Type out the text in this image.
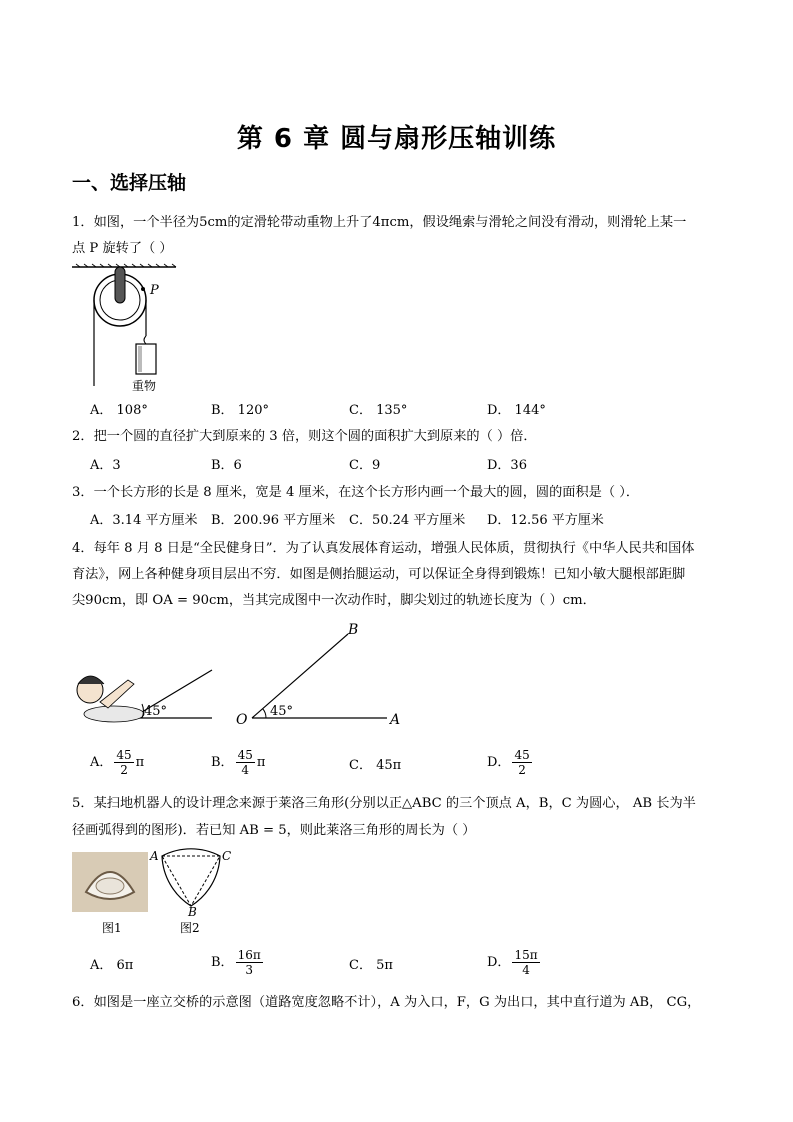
第 6 章 圆与扇形压轴训练
一、选择压轴
1．如图，一个半径为5cm的定滑轮带动重物上升了4πcm，假设绳索与滑轮之间没有滑动，则滑轮上某一
点 P 旋转了（ ）
P
重物
A． 108°	B． 120°	C． 135°	D． 144°
2．把一个圆的直径扩大到原来的 3 倍，则这个圆的面积扩大到原来的（ ）倍．
A．3	B．6	C．9	D．36
3．一个长方形的长是 8 厘米，宽是 4 厘米，在这个长方形内画一个最大的圆，圆的面积是（ ）．
A．3.14 平方厘米 B．200.96 平方厘米 C．50.24 平方厘米 D．12.56 平方厘米
4．每年 8 月 8 日是“全民健身日”．为了认真发展体育运动，增强人民体质，贯彻执行《中华人民共和国体
育法》，网上各种健身项目层出不穷．如图是侧抬腿运动，可以保证全身得到锻炼！已知小敏大腿根部距脚
尖90cm，即 OA = 90cm，当其完成图中一次动作时，脚尖划过的轨迹长度为（ ）cm．
45°	45°
O	A
B
A． $\frac{45}{2}$ π	B． $\frac{45}{4}$ π	C． 45π	D． $\frac{45}{2}$
5．某扫地机器人的设计理念来源于莱洛三角形(分别以正△ABC 的三个顶点 A，B，C 为圆心， AB 长为半
径画弧得到的图形)．若已知 AB = 5，则此莱洛三角形的周长为（ ）
图1
A	C
B
图2
A． 6π	B． $\frac{16\pi}{3}$	C． 5π	D． $\frac{15\pi}{4}$
6．如图是一座立交桥的示意图（道路宽度忽略不计），A 为入口，F，G 为出口，其中直行道为 AB， CG，
